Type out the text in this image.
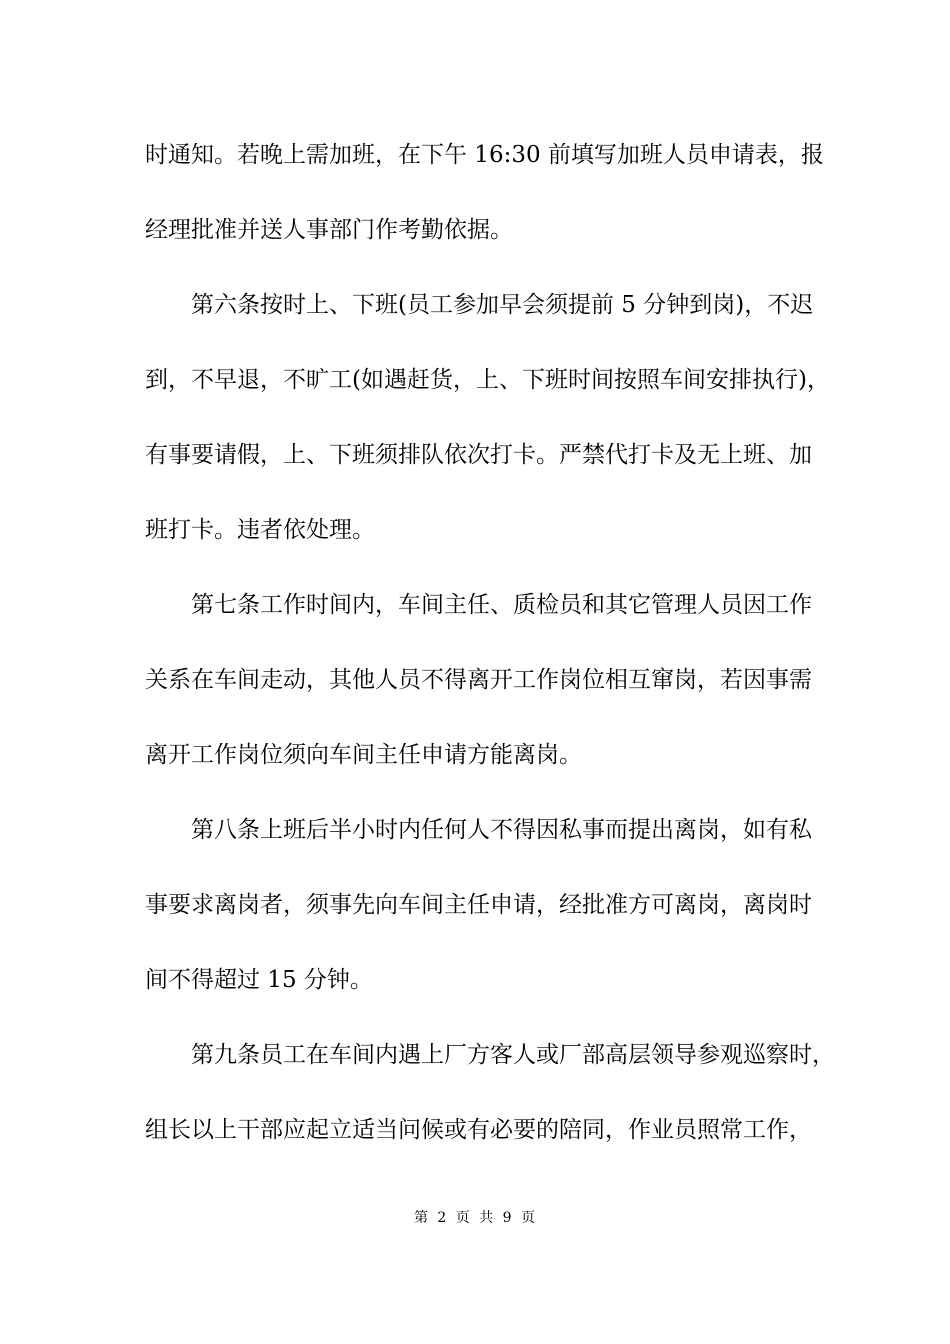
时通知。若晚上需加班，在下午 16:30 前填写加班人员申请表，报
经理批准并送人事部门作考勤依据。
第六条按时上、下班(员工参加早会须提前 5 分钟到岗)，不迟
到，不早退，不旷工(如遇赶货，上、下班时间按照车间安排执行)，
有事要请假，上、下班须排队依次打卡。严禁代打卡及无上班、加
班打卡。违者依处理。
第七条工作时间内，车间主任、质检员和其它管理人员因工作
关系在车间走动，其他人员不得离开工作岗位相互窜岗，若因事需
离开工作岗位须向车间主任申请方能离岗。
第八条上班后半小时内任何人不得因私事而提出离岗，如有私
事要求离岗者，须事先向车间主任申请，经批准方可离岗，离岗时
间不得超过 15 分钟。
第九条员工在车间内遇上厂方客人或厂部高层领导参观巡察时，
组长以上干部应起立适当问候或有必要的陪同，作业员照常工作，
第 2 页 共 9 页
